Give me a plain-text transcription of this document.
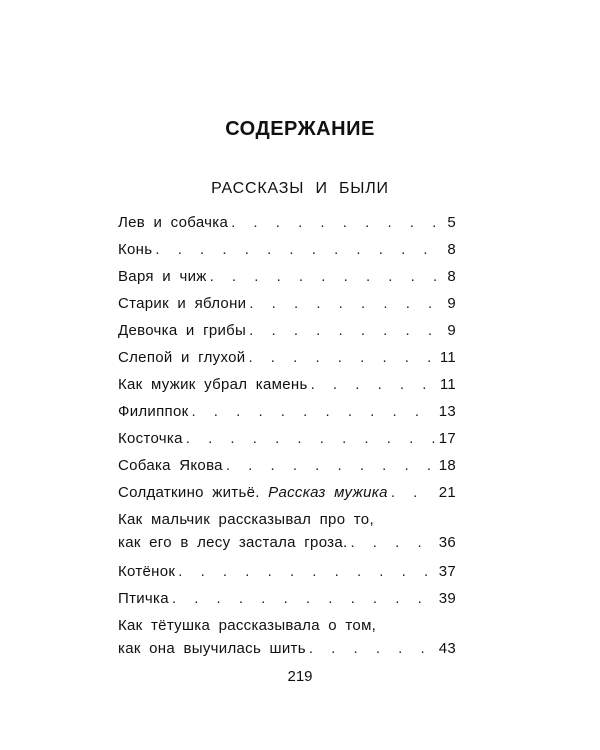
СОДЕРЖАНИЕ
РАССКАЗЫ И БЫЛИ
Лев и собачка . . .	5
Конь . . .	8
Варя и чиж . . .	8
Старик и яблони . . .	9
Девочка и грибы . . .	9
Слепой и глухой . . .	11
Как мужик убрал камень . . .	11
Филиппок . . .	13
Косточка . . .	17
Собака Якова . . .	18
Солдаткино житьё. Рассказ мужика . . .	21
Как мальчик рассказывал про то,
как его в лесу застала гроза. . . .	36
Котёнок . . .	37
Птичка . . .	39
Как тётушка рассказывала о том,
как она выучилась шить . . .	43
219
